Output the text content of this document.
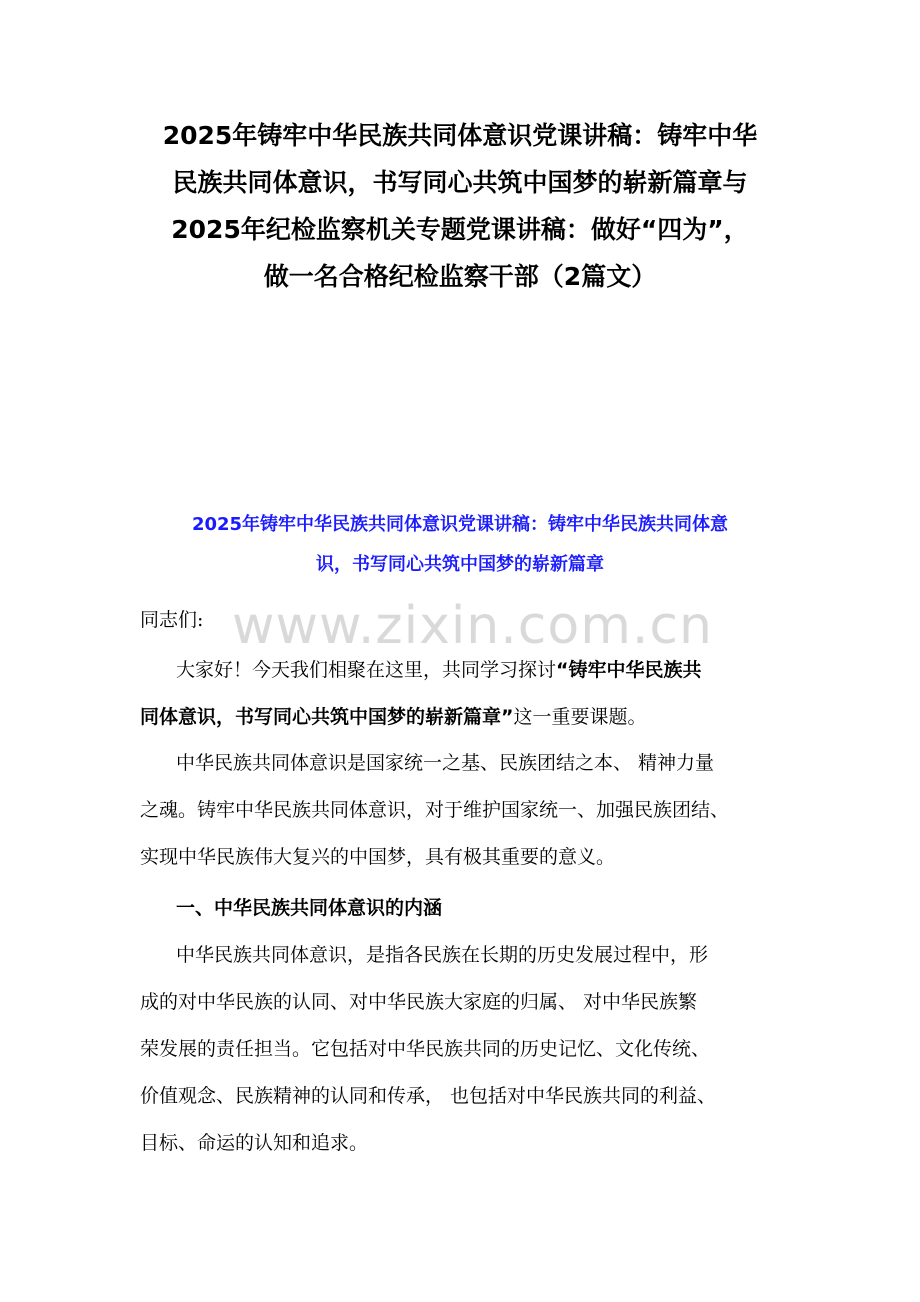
2025年铸牢中华民族共同体意识党课讲稿：铸牢中华
民族共同体意识，书写同心共筑中国梦的崭新篇章与
2025年纪检监察机关专题党课讲稿：做好“四为”，
做一名合格纪检监察干部（2篇文）
2025年铸牢中华民族共同体意识党课讲稿：铸牢中华民族共同体意
识，书写同心共筑中国梦的崭新篇章
www.zixin.com.cn
同志们:
大家好！今天我们相聚在这里，共同学习探讨“铸牢中华民族共
同体意识，书写同心共筑中国梦的崭新篇章”这一重要课题。
中华民族共同体意识是国家统一之基、民族团结之本、 精神力量
之魂。铸牢中华民族共同体意识，对于维护国家统一、加强民族团结、
实现中华民族伟大复兴的中国梦，具有极其重要的意义。
一、中华民族共同体意识的内涵
中华民族共同体意识，是指各民族在长期的历史发展过程中，形
成的对中华民族的认同、对中华民族大家庭的归属、 对中华民族繁
荣发展的责任担当。它包括对中华民族共同的历史记忆、文化传统、
价值观念、民族精神的认同和传承， 也包括对中华民族共同的利益、
目标、命运的认知和追求。
